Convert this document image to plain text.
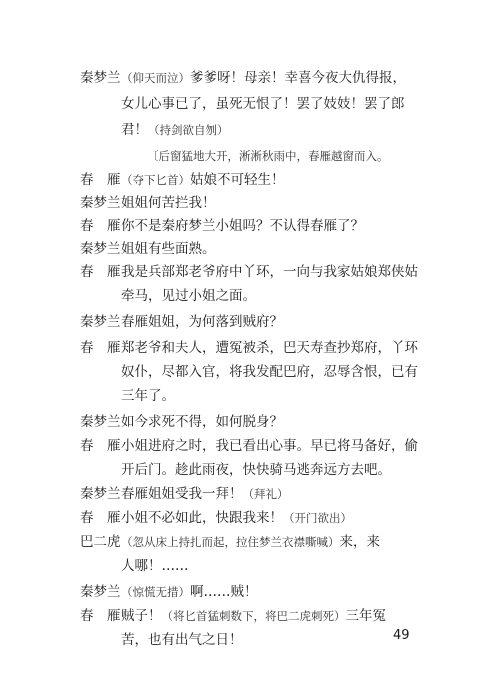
秦梦兰 （仰天而泣）爹爹呀！母亲！幸喜今夜大仇得报，
女儿心事已了，虽死无恨了！罢了妓妓！罢了郎
君！（持剑欲自刎）
〔后窗猛地大开，淅淅秋雨中，春雁越窗而入。
春　雁 （夺下匕首）姑娘不可轻生！
秦梦兰 姐姐何苦拦我！
春　雁 你不是秦府梦兰小姐吗？不认得春雁了？
秦梦兰 姐姐有些面熟。
春　雁 我是兵部郑老爷府中丫环，一向与我家姑娘郑侠姑
牵马，见过小姐之面。
秦梦兰 春雁姐姐，为何落到贼府？
春　雁 郑老爷和夫人，遭冤被杀，巴天寿查抄郑府，丫环
奴仆，尽都入官，将我发配巴府，忍辱含恨，已有
三年了。
秦梦兰 如今求死不得，如何脱身？
春　雁 小姐进府之时，我已看出心事。早已将马备好，偷
开后门。趁此雨夜，快快骑马逃奔远方去吧。
秦梦兰 春雁姐姐受我一拜！（拜礼）
春　雁 小姐不必如此，快跟我来！（开门欲出）
巴二虎 （忽从床上持扎而起，拉住梦兰衣襟嘶喊）来，来
人哪！……
秦梦兰 （惊慌无措）啊……贼！
春　雁 贼子！（将匕首猛刺数下，将巴二虎刺死）三年冤
苦，也有出气之日！	49
